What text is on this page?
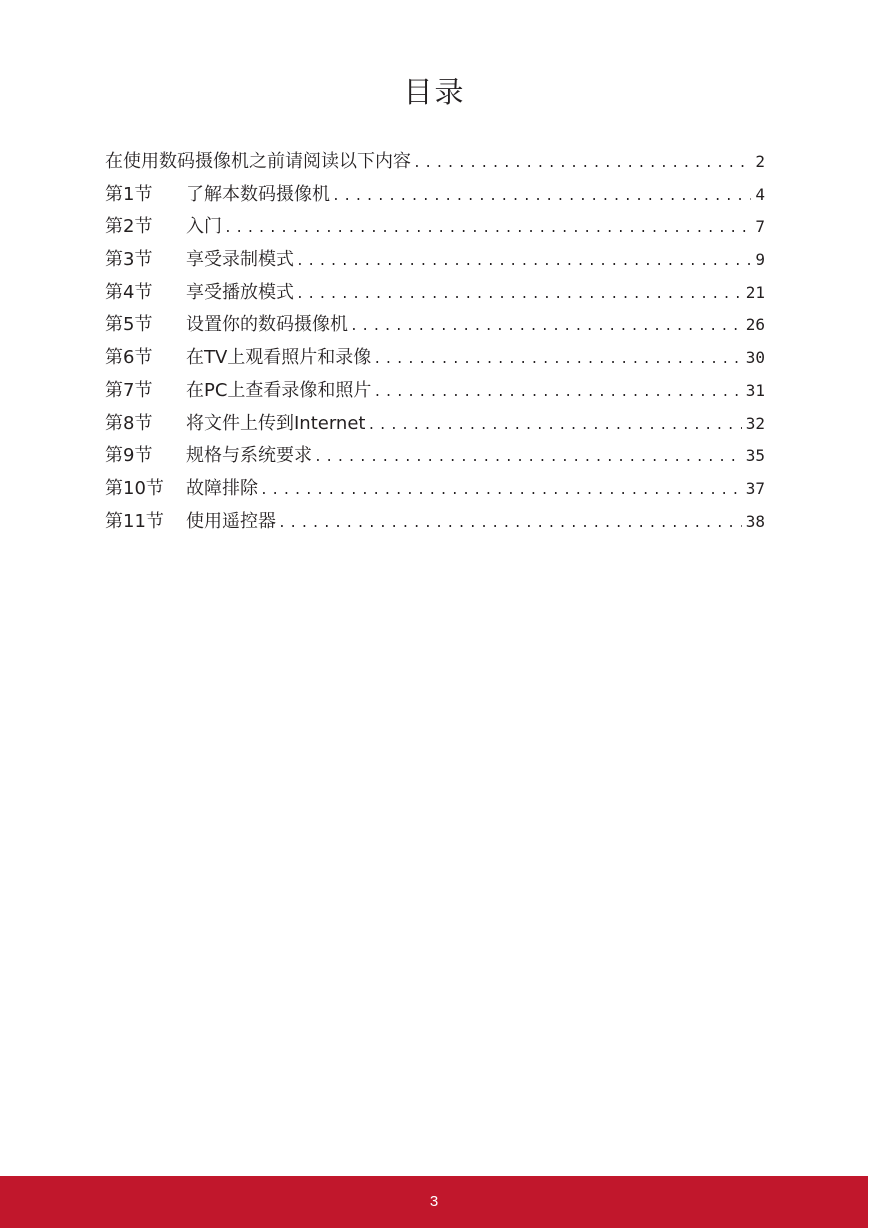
目录
在使用数码摄像机之前请阅读以下内容 .....	2
第1节	了解本数码摄像机 .....	4
第2节	入门 .....	7
第3节	享受录制模式 .....	9
第4节	享受播放模式 .....	21
第5节	设置你的数码摄像机 .....	26
第6节	在TV上观看照片和录像 .....	30
第7节	在PC上查看录像和照片 .....	31
第8节	将文件上传到Internet .....	32
第9节	规格与系统要求 .....	35
第10节	故障排除 .....	37
第11节	使用遥控器 .....	38
3
